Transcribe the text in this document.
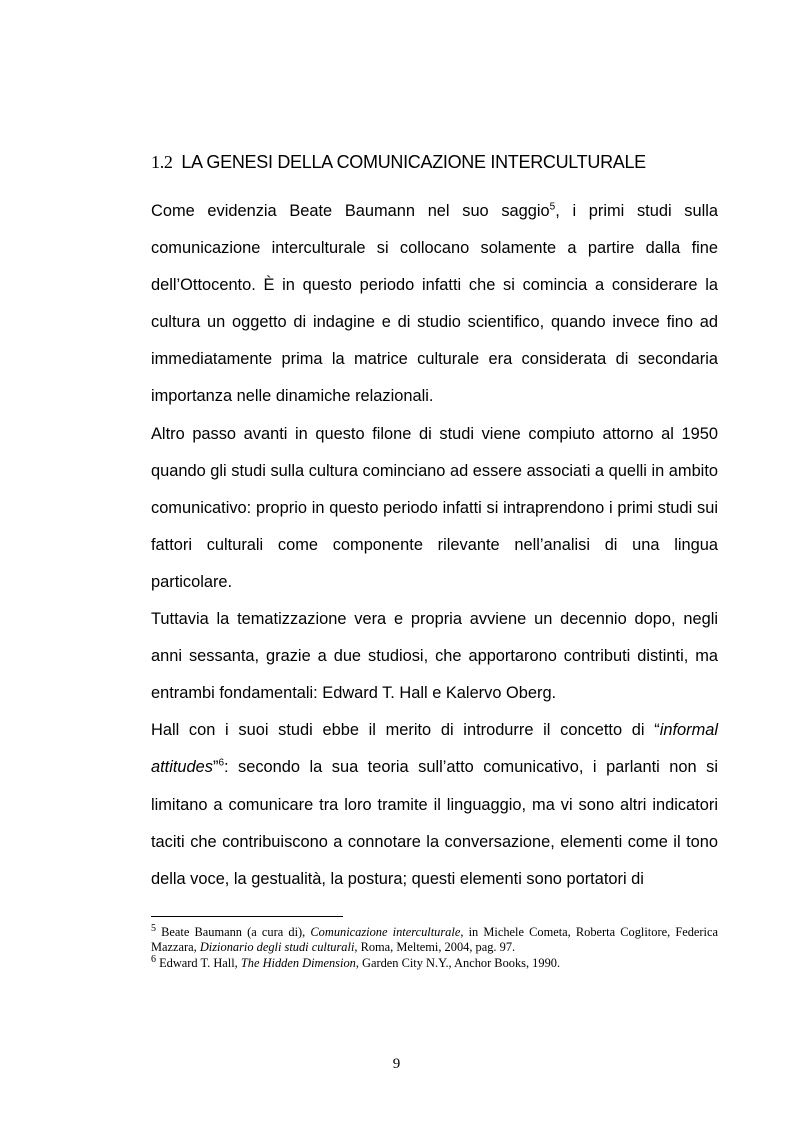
1.2 LA GENESI DELLA COMUNICAZIONE INTERCULTURALE

Come evidenzia Beate Baumann nel suo saggio$^5$, i primi studi sulla comunicazione interculturale si collocano solamente a partire dalla fine dell’Ottocento. È in questo periodo infatti che si comincia a considerare la cultura un oggetto di indagine e di studio scientifico, quando invece fino ad immediatamente prima la matrice culturale era considerata di secondaria importanza nelle dinamiche relazionali.

Altro passo avanti in questo filone di studi viene compiuto attorno al 1950 quando gli studi sulla cultura cominciano ad essere associati a quelli in ambito comunicativo: proprio in questo periodo infatti si intraprendono i primi studi sui fattori culturali come componente rilevante nell’analisi di una lingua particolare.

Tuttavia la tematizzazione vera e propria avviene un decennio dopo, negli anni sessanta, grazie a due studiosi, che apportarono contributi distinti, ma entrambi fondamentali: Edward T. Hall e Kalervo Oberg.

Hall con i suoi studi ebbe il merito di introdurre il concetto di “informal attitudes”$^6$: secondo la sua teoria sull’atto comunicativo, i parlanti non si limitano a comunicare tra loro tramite il linguaggio, ma vi sono altri indicatori taciti che contribuiscono a connotare la conversazione, elementi come il tono della voce, la gestualità, la postura; questi elementi sono portatori di

$^5$ Beate Baumann (a cura di), Comunicazione interculturale, in Michele Cometa, Roberta Coglitore, Federica Mazzara, Dizionario degli studi culturali, Roma, Meltemi, 2004, pag. 97.
$^6$ Edward T. Hall, The Hidden Dimension, Garden City N.Y., Anchor Books, 1990.
9
